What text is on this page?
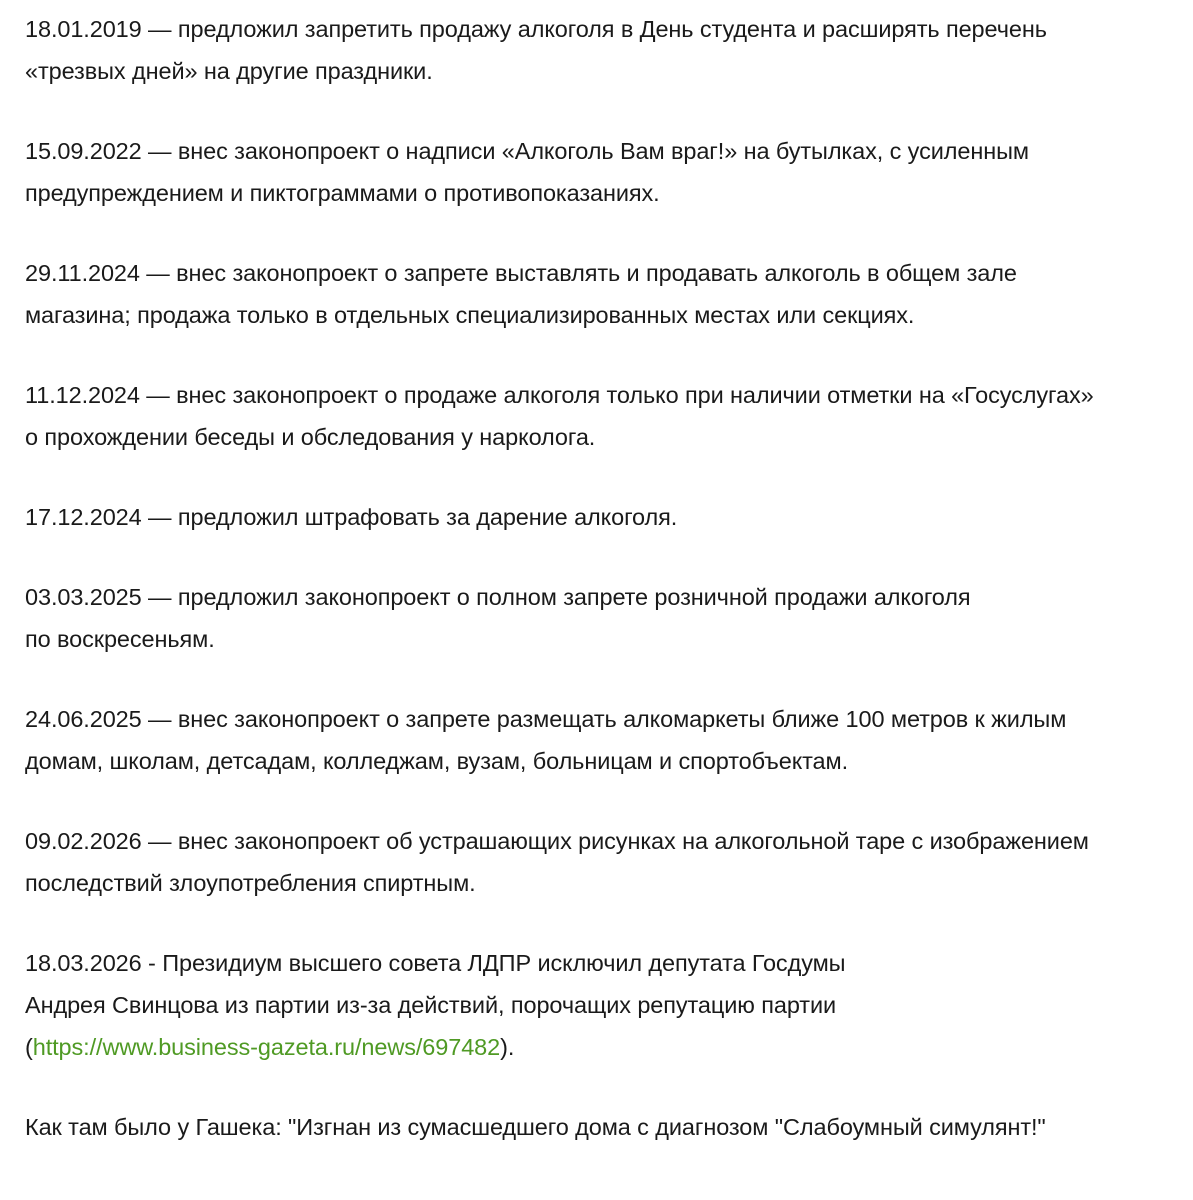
18.01.2019 — предложил запретить продажу алкоголя в День студента и расширять перечень
«трезвых дней» на другие праздники.

15.09.2022 — внес законопроект о надписи «Алкоголь Вам враг!» на бутылках, с усиленным
предупреждением и пиктограммами о противопоказаниях.

29.11.2024 — внес законопроект о запрете выставлять и продавать алкоголь в общем зале
магазина; продажа только в отдельных специализированных местах или секциях.

11.12.2024 — внес законопроект о продаже алкоголя только при наличии отметки на «Госуслугах»
о прохождении беседы и обследования у нарколога.

17.12.2024 — предложил штрафовать за дарение алкоголя.

03.03.2025 — предложил законопроект о полном запрете розничной продажи алкоголя
по воскресеньям.

24.06.2025 — внес законопроект о запрете размещать алкомаркеты ближе 100 метров к жилым
домам, школам, детсадам, колледжам, вузам, больницам и спортобъектам.

09.02.2026 — внес законопроект об устрашающих рисунках на алкогольной таре с изображением
последствий злоупотребления спиртным.

18.03.2026 - Президиум высшего совета ЛДПР исключил депутата Госдумы
Андрея Свинцова из партии из-за действий, порочащих репутацию партии
(https://www.business-gazeta.ru/news/697482).

Как там было у Гашека: "Изгнан из сумасшедшего дома с диагнозом "Слабоумный симулянт!"
